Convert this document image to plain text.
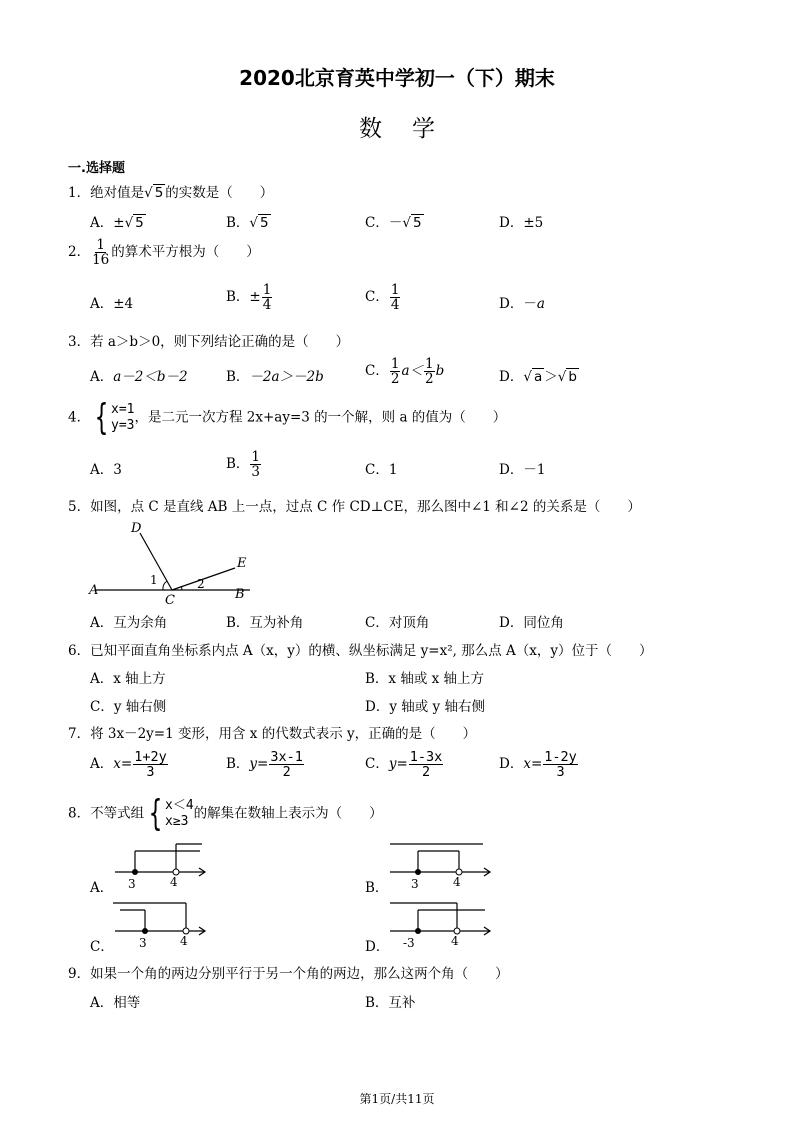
2020北京育英中学初一（下）期末
数学
一.选择题
1．绝对值是√ 5 的实数是（　　）
A．±√ 5	B．√ 5	C．－√ 5	D．±5
2． $\frac{1}{16}$ 的算术平方根为（　　）
A．±4	B．± $\frac{1}{4}$	C． $\frac{1}{4}$	D．－a
3．若 a＞b＞0，则下列结论正确的是（　　）
A．a－2＜b－2	B．－2a＞－2b	C． $\frac{1}{2} a< \frac{1}{2}$ b	D．√ a ＞√ b
4． { x=1
y=3 ，是二元一次方程 2x+ay=3 的一个解，则 a 的值为（　　）
A．3	B． $\frac{1}{3}$	C．1	D．－1
5．如图，点 C 是直线 AB 上一点，过点 C 作 CD⊥CE，那么图中∠1 和∠2 的关系是（　　）
D
E
A
C	B
1	2
A．互为余角	B．互为补角	C．对顶角	D．同位角
6．已知平面直角坐标系内点 A（x，y）的横、纵坐标满足 y=x², 那么点 A（x，y）位于（　　）
A．x 轴上方	B．x 轴或 x 轴上方
C．y 轴右侧	D．y 轴或 y 轴右侧
7．将 3x－2y=1 变形，用含 x 的代数式表示 y，正确的是（　　）
A．$x= \frac{1+2y}{3}$	B．$y= \frac{3x-1}{2}$	C．$y= \frac{1-3x}{2}$	D．$x= \frac{1-2y}{3}$
8．不等式组 { x＜4
x≥3 的解集在数轴上表示为（　　）
A． 3	4	B． 3	4
C． 3	4	D． -3	4
9．如果一个角的两边分别平行于另一个角的两边，那么这两个角（　　）
A．相等	B．互补
第1页/共11页
